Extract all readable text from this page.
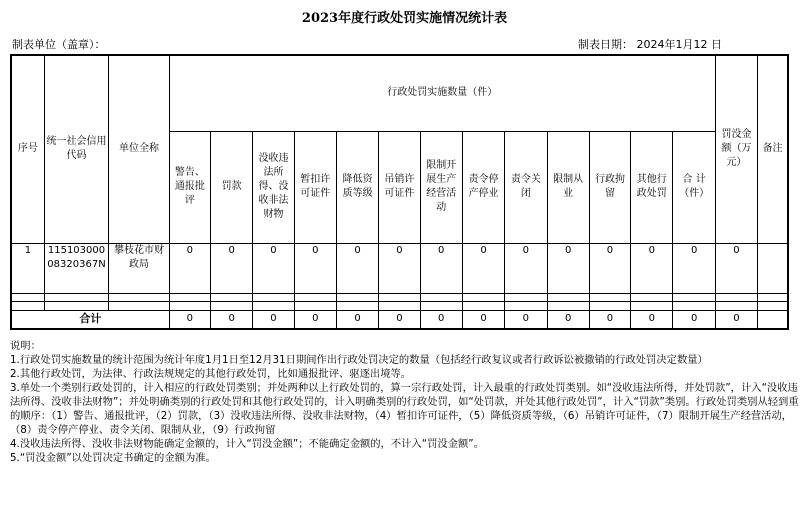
2023年度行政处罚实施情况统计表
制表单位（盖章）：	制表日期： 2024年1月12 日
序号	统一社会信用代码	单位全称	行政处罚实施数量（件）													罚没金额（万元）	备注
			警告、通报批评	罚款	没收违法所得、没收非法财物	暂扣许可证件	降低资质等级	吊销许可证件	限制开展生产经营活动	责令停产停业	责令关闭	限制从业	行政拘留	其他行政处罚	合 计（件）		
1	11510300008320367N	攀枝花市财政局	0	0	0	0	0	0	0	0	0	0	0	0	0	0	

合计			0	0	0	0	0	0	0	0	0	0	0	0	0	0	

说明：

1.行政处罚实施数量的统计范围为统计年度1月1日至12月31日期间作出行政处罚决定的数量（包括经行政复议或者行政诉讼被撤销的行政处罚决定数量）

2.其他行政处罚，为法律、行政法规规定的其他行政处罚，比如通报批评、驱逐出境等。

3.单处一个类别行政处罚的，计入相应的行政处罚类别；并处两种以上行政处罚的，算一宗行政处罚，计入最重的行政处罚类别。如“没收违法所得，并处罚款”，计入“没收违法所得、没收非法财物”；并处明确类别的行政处罚和其他行政处罚的，计入明确类别的行政处罚，如“处罚款，并处其他行政处罚”，计入“罚款”类别。行政处罚类别从轻到重的顺序：（1）警告、通报批评，（2）罚款，（3）没收违法所得、没收非法财物，（4）暂扣许可证件，（5）降低资质等级，（6）吊销许可证件，（7）限制开展生产经营活动，（8）责令停产停业、责令关闭、限制从业，（9）行政拘留

4.没收违法所得、没收非法财物能确定金额的，计入“罚没金额”；不能确定金额的，不计入“罚没金额”。

5.“罚没金额”以处罚决定书确定的金额为准。
